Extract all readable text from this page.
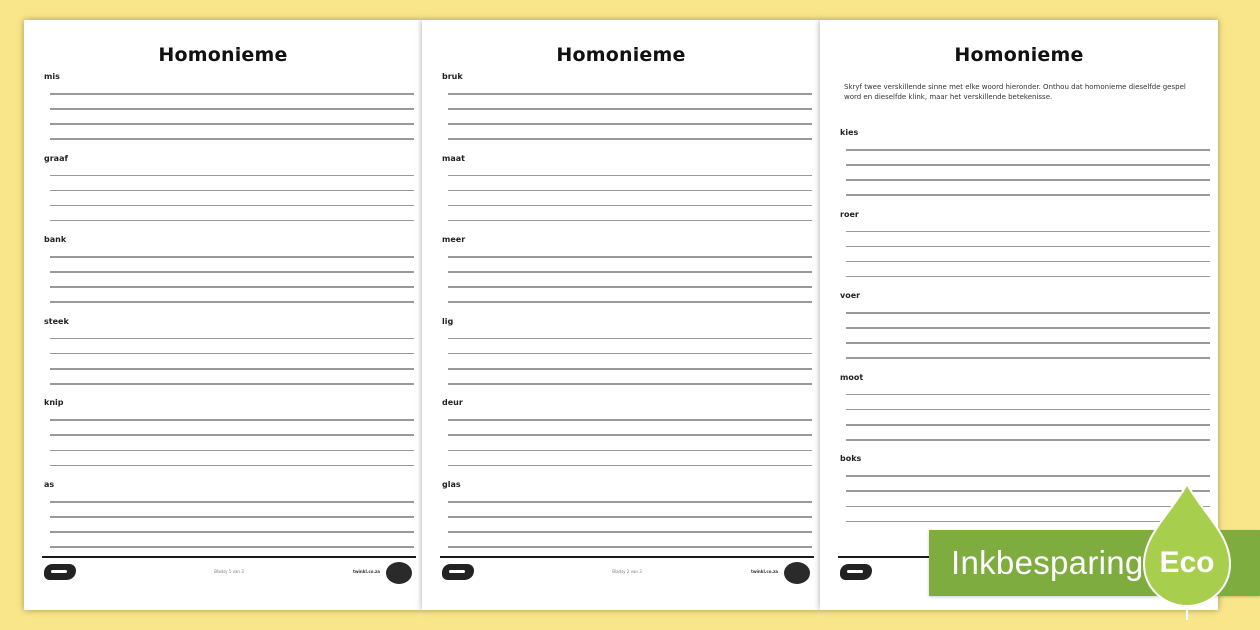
Homonieme
mis
graaf
bank
steek
knip
as
Bladsy 1 van 3	twinkl.co.za
Homonieme
bruk
maat
meer
lig
deur
glas
Bladsy 2 van 3	twinkl.co.za
Homonieme
Skryf twee verskillende sinne met elke woord hieronder. Onthou dat homonieme dieselfde gespel word en dieselfde klink, maar het verskillende betekenisse.
kies
roer
voer
moot
boks
Inkbesparing Eco
